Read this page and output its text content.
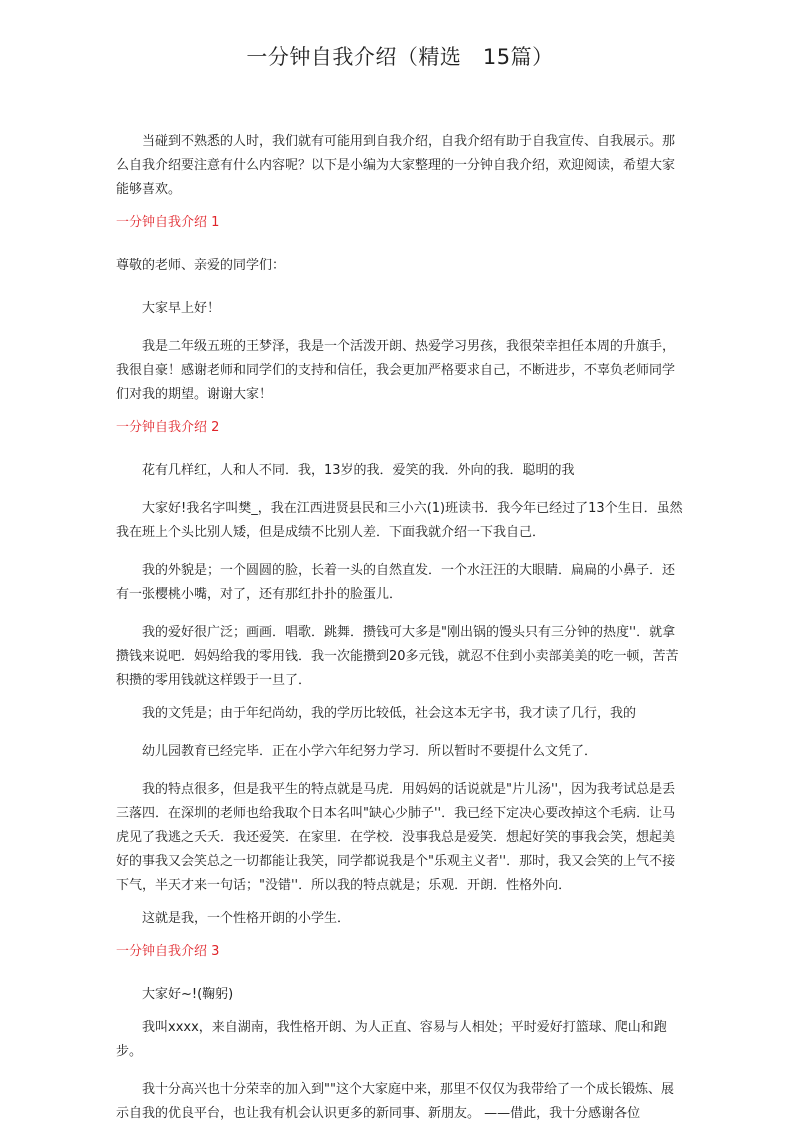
一分钟自我介绍（精选　15篇）

当碰到不熟悉的人时，我们就有可能用到自我介绍，自我介绍有助于自我宣传、自我展示。那么自我介绍要注意有什么内容呢？以下是小编为大家整理的一分钟自我介绍，欢迎阅读，希望大家能够喜欢。

一分钟自我介绍 1

尊敬的老师、亲爱的同学们：

大家早上好！

我是二年级五班的王梦泽，我是一个活泼开朗、热爱学习男孩，我很荣幸担任本周的升旗手，我很自豪！感谢老师和同学们的支持和信任，我会更加严格要求自己，不断进步，不辜负老师同学们对我的期望。谢谢大家！

一分钟自我介绍 2

花有几样红，人和人不同．我，13岁的我．爱笑的我．外向的我．聪明的我

大家好!我名字叫樊_，我在江西进贤县民和三小六(1)班读书．我今年已经过了13个生日．虽然我在班上个头比别人矮，但是成绩不比别人差．下面我就介绍一下我自己．

我的外貌是；一个圆圆的脸，长着一头的自然直发．一个水汪汪的大眼睛．扁扁的小鼻子．还有一张樱桃小嘴，对了，还有那红扑扑的脸蛋儿．

我的爱好很广泛；画画．唱歌．跳舞．攒钱可大多是"刚出锅的馒头只有三分钟的热度''．就拿攒钱来说吧．妈妈给我的零用钱．我一次能攒到20多元钱，就忍不住到小卖部美美的吃一顿，苦苦积攒的零用钱就这样毁于一旦了．

我的文凭是；由于年纪尚幼，我的学历比较低，社会这本无字书，我才读了几行，我的

幼儿园教育已经完毕．正在小学六年纪努力学习．所以暂时不要提什么文凭了．

我的特点很多，但是我平生的特点就是马虎．用妈妈的话说就是"片儿汤''，因为我考试总是丢三落四．在深圳的老师也给我取个日本名叫"缺心少肺子''．我已经下定决心要改掉这个毛病．让马虎见了我逃之夭夭．我还爱笑．在家里．在学校．没事我总是爱笑．想起好笑的事我会笑，想起美好的事我又会笑总之一切都能让我笑，同学都说我是个"乐观主义者''．那时，我又会笑的上气不接下气，半天才来一句话；"没错''．所以我的特点就是；乐观．开朗．性格外向．

这就是我，一个性格开朗的小学生．

一分钟自我介绍 3

大家好~!(鞠躬)

我叫xxxx，来自湖南，我性格开朗、为人正直、容易与人相处；平时爱好打篮球、爬山和跑步。

我十分高兴也十分荣幸的加入到""这个大家庭中来，那里不仅仅为我带给了一个成长锻炼、展示自我的优良平台，也让我有机会认识更多的新同事、新朋友。 ——借此，我十分感谢各位
